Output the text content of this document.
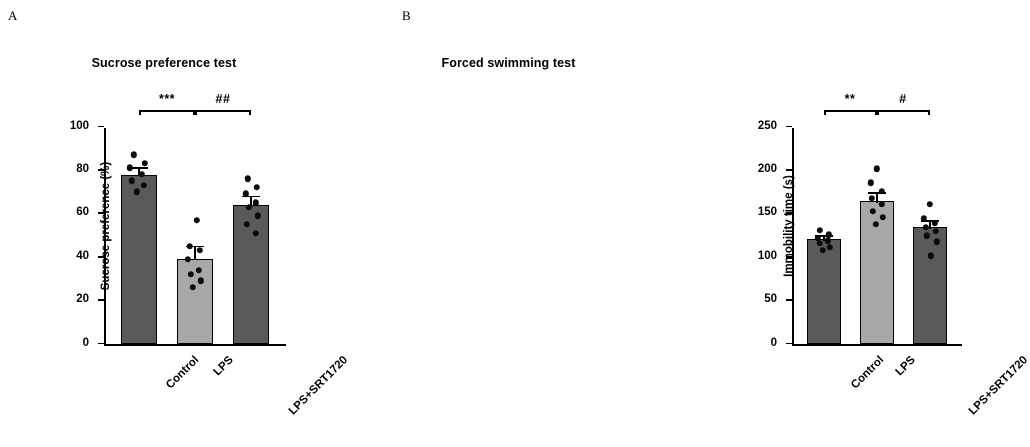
A
Sucrose preference test
0
20
40
60
80
100
Sucrose preference (%)
Control LPS	LPS+SRT1720
***	##
B
Forced swimming test
0
50
100
150
200
250
Immobility time (s)
Control LPS	LPS+SRT1720
**	#
